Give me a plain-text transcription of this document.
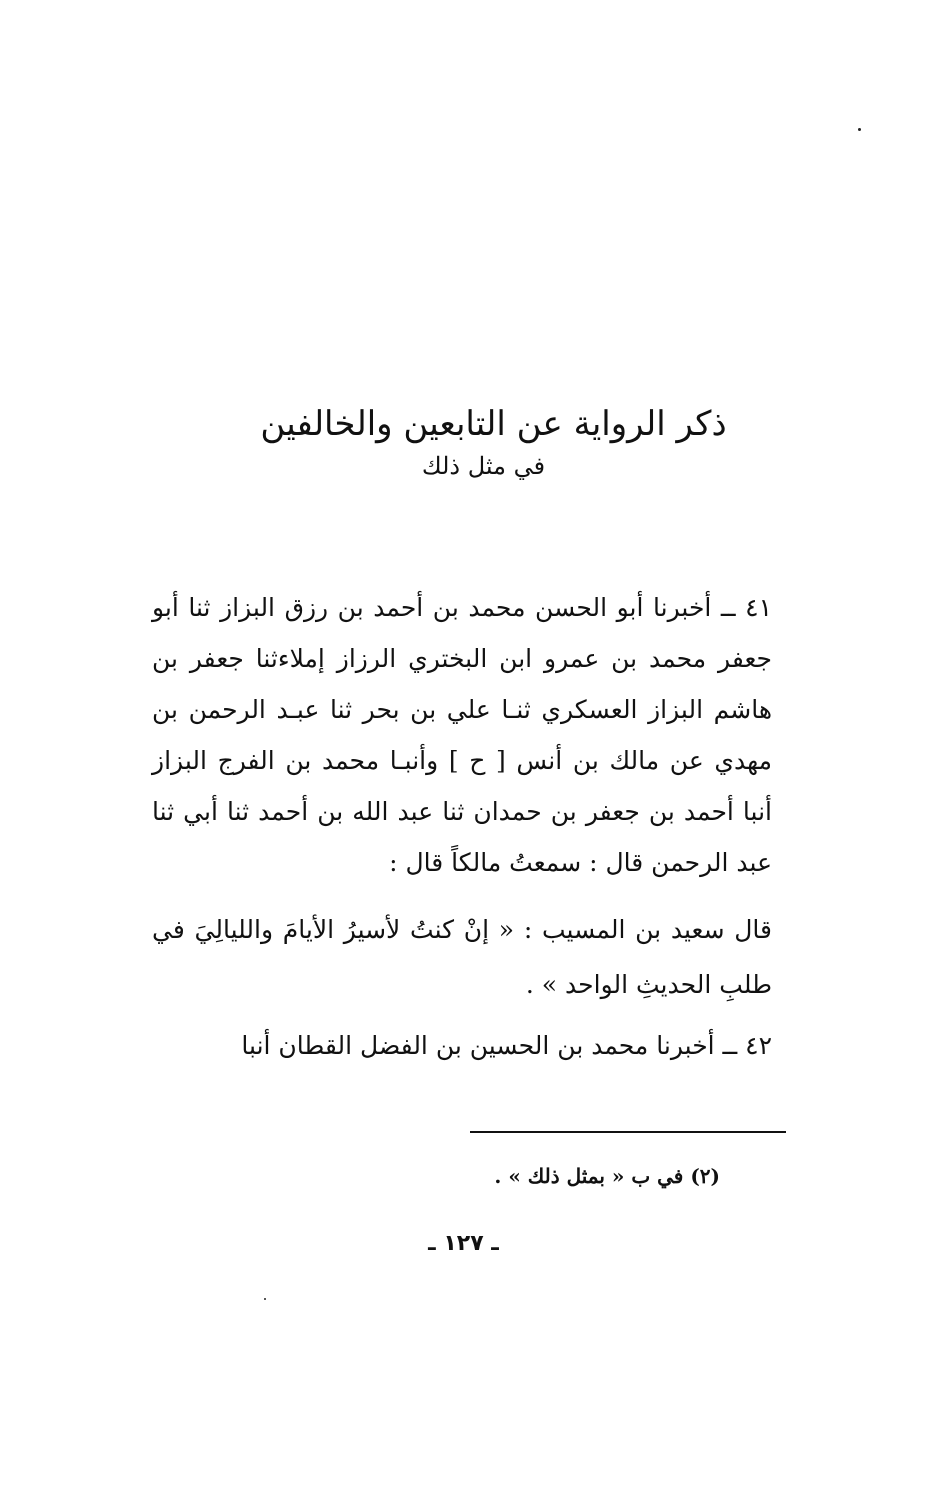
ذكر الرواية عن التابعين والخالفين
في مثل ذلك

٤١ ــ أخبرنا أبو الحسن محمد بن أحمد بن رزق البزاز ثنا أبو جعفر محمد بن عمرو ابن البختري الرزاز إملاءثنا جعفر بن هاشم البزاز العسكري ثنـا علي بن بحر ثنا عبـد الرحمن بن مهدي عن مالك بن أنس [ ح ] وأنبـا محمد بن الفرج البزاز أنبا أحمد بن جعفر بن حمدان ثنا عبد الله بن أحمد ثنا أبي ثنا عبد الرحمن قال : سمعتُ مالكاً قال :

قال سعيد بن المسيب : « إنْ كنتُ لأسيرُ الأيامَ والليالِيَ في طلبِ الحديثِ الواحد » .

٤٢ ــ أخبرنا محمد بن الحسين بن الفضل القطان أنبا

(٢) في ب « بمثل ذلك » .
ـ ١٢٧ ـ
